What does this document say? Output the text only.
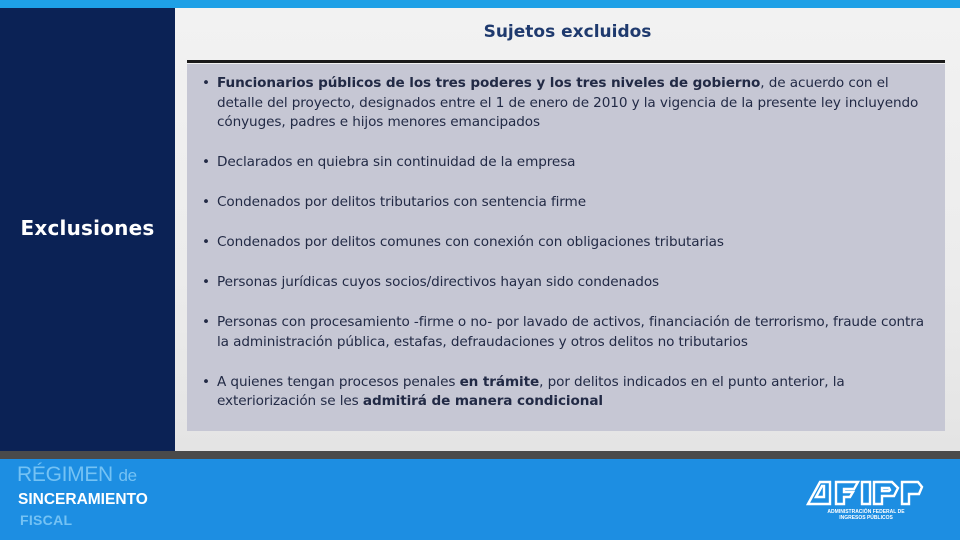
Exclusiones
Sujetos excluidos
• Funcionarios públicos de los tres poderes y los tres niveles de gobierno, de acuerdo con el detalle del proyecto, designados entre el 1 de enero de 2010 y la vigencia de la presente ley incluyendo cónyuges, padres e hijos menores emancipados
• Declarados en quiebra sin continuidad de la empresa
• Condenados por delitos tributarios con sentencia firme
• Condenados por delitos comunes con conexión con obligaciones tributarias
• Personas jurídicas cuyos socios/directivos hayan sido condenados
• Personas con procesamiento -firme o no- por lavado de activos, financiación de terrorismo, fraude contra la administración pública, estafas, defraudaciones y otros delitos no tributarios
• A quienes tengan procesos penales en trámite, por delitos indicados en el punto anterior, la exteriorización se les admitirá de manera condicional
RÉGIMEN de
SINCERAMIENTO
FISCAL	ADMINISTRACIÓN FEDERAL DE
INGRESOS PÚBLICOS
